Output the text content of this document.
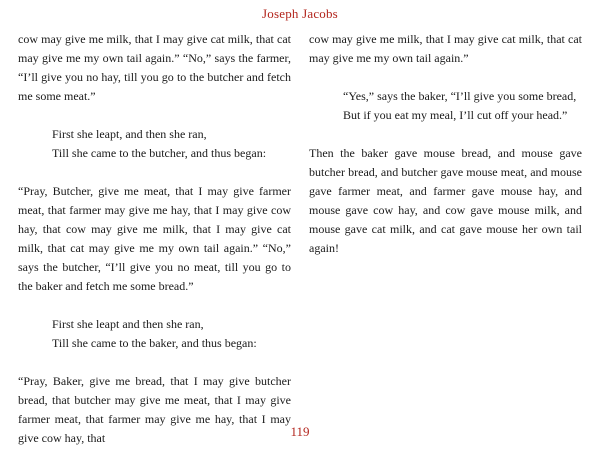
Joseph Jacobs

cow may give me milk, that I may give cat milk, that cat may give me my own tail again.” “No,” says the farmer, “I’ll give you no hay, till you go to the butcher and fetch me some meat.”

First she leapt, and then she ran,
Till she came to the butcher, and thus began:

“Pray, Butcher, give me meat, that I may give farmer meat, that farmer may give me hay, that I may give cow hay, that cow may give me milk, that I may give cat milk, that cat may give me my own tail again.” “No,” says the butcher, “I’ll give you no meat, till you go to the baker and fetch me some bread.”

First she leapt and then she ran,
Till she came to the baker, and thus began:

“Pray, Baker, give me bread, that I may give butcher bread, that butcher may give me meat, that I may give farmer meat, that farmer may give me hay, that I may give cow hay, that

cow may give me milk, that I may give cat milk, that cat may give me my own tail again.”

“Yes,” says the baker, “I’ll give you some bread,
But if you eat my meal, I’ll cut off your head.”

Then the baker gave mouse bread, and mouse gave butcher bread, and butcher gave mouse meat, and mouse gave farmer meat, and farmer gave mouse hay, and mouse gave cow hay, and cow gave mouse milk, and mouse gave cat milk, and cat gave mouse her own tail again!

119
